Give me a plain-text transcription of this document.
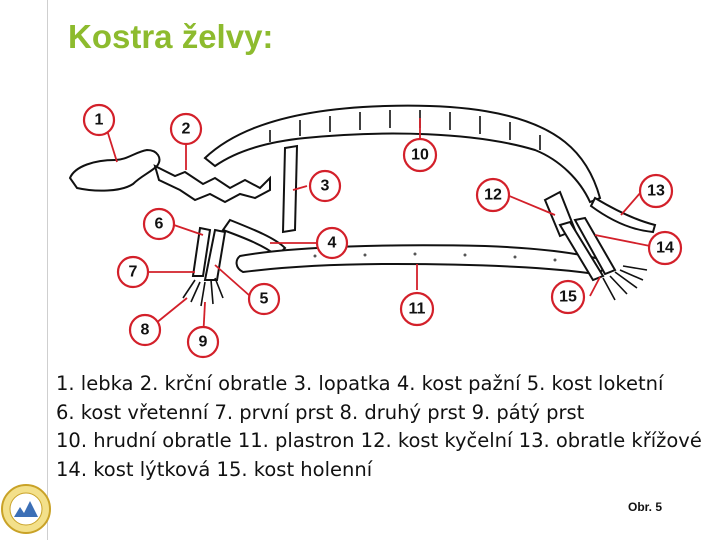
Kostra želvy:
1
2
3
4
5
6
7
8
9
10
11
12	13
14
15
1. lebka 2. krční obratle 3. lopatka 4. kost pažní 5. kost loketní
6. kost vřetenní 7. první prst 8. druhý prst 9. pátý prst
10. hrudní obratle 11. plastron 12. kost kyčelní 13. obratle křížové
14. kost lýtková 15. kost holenní
Obr. 5
